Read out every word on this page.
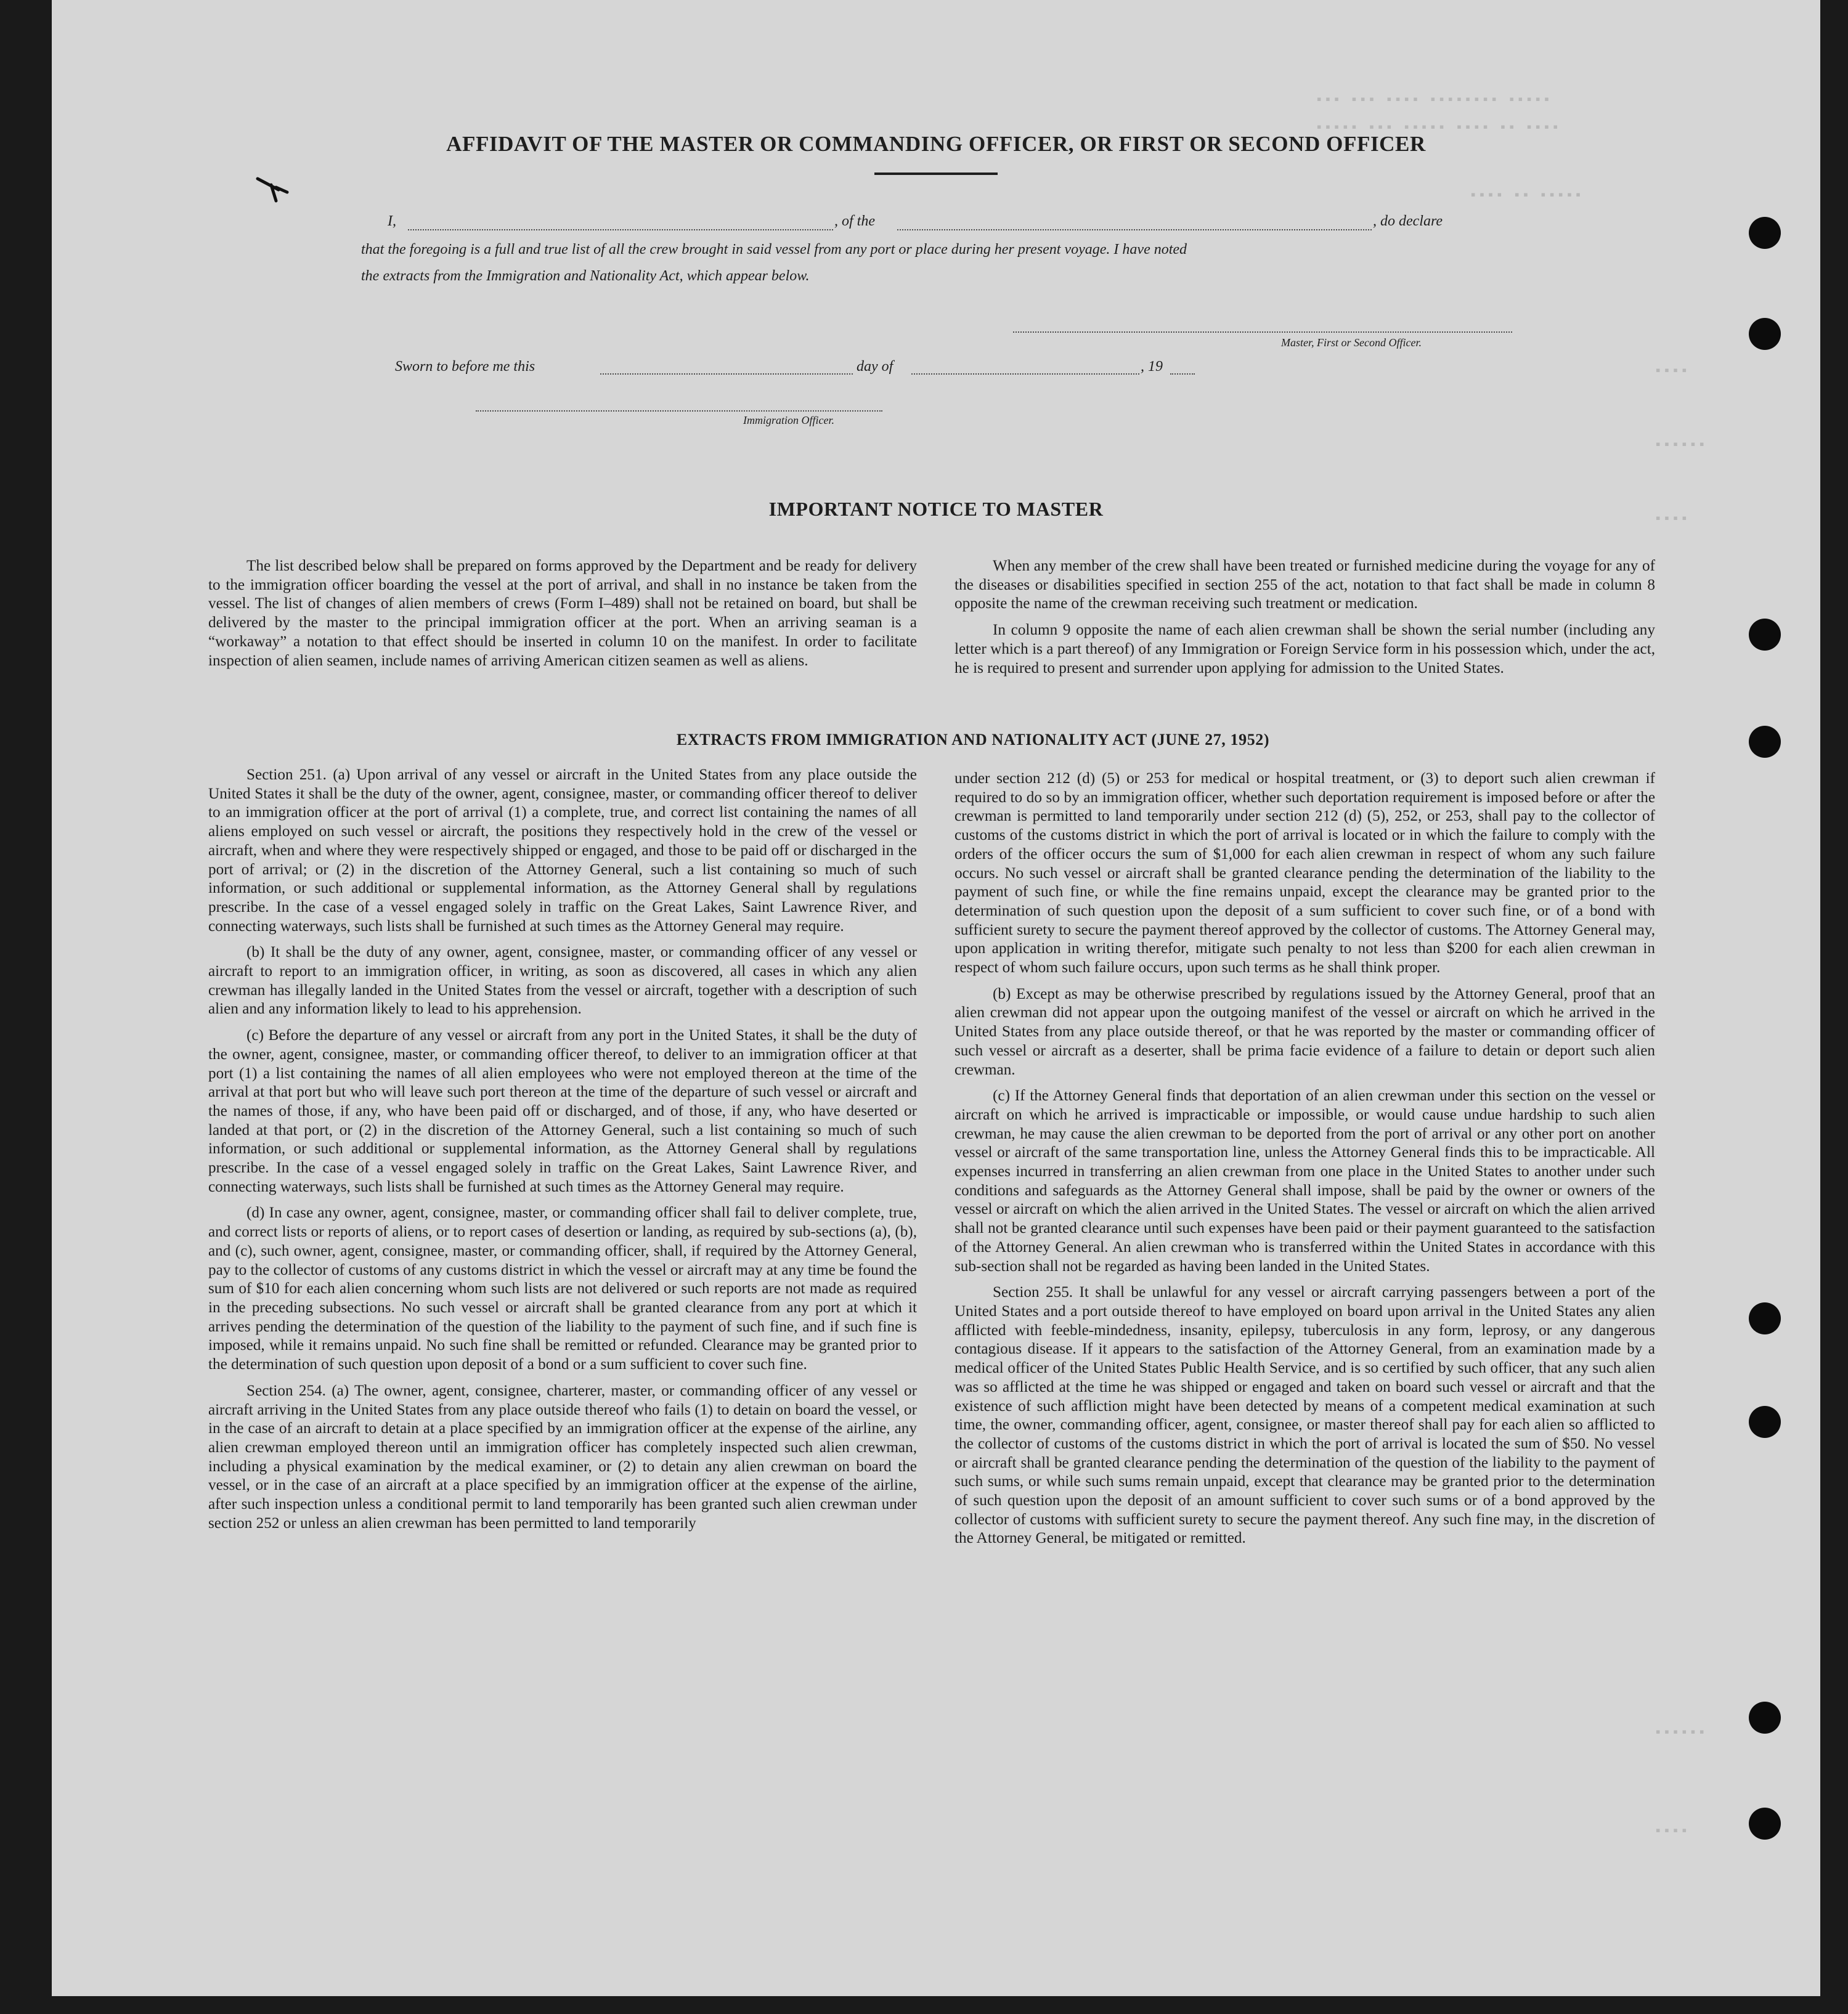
▪▪▪ ▪▪▪ ▪▪▪▪ ▪▪▪▪▪▪▪▪ ▪▪▪▪▪
▪▪▪▪▪ ▪▪▪ ▪▪▪▪▪ ▪▪▪▪ ▪▪ ▪▪▪▪
▪▪▪▪ ▪▪ ▪▪▪▪▪
▪▪▪▪
▪▪▪▪▪▪
▪▪▪▪
▪▪▪▪▪▪
▪▪▪▪
AFFIDAVIT OF THE MASTER OR COMMANDING OFFICER, OR FIRST OR SECOND OFFICER
I,	, of the	, do declare
that the foregoing is a full and true list of all the crew brought in said vessel from any port or place during her present voyage. I have noted
the extracts from the Immigration and Nationality Act, which appear below.
Master, First or Second Officer.
Sworn to before me this	day of	, 19
Immigration Officer.
IMPORTANT NOTICE TO MASTER

The list described below shall be prepared on forms approved by the Department and be ready for delivery to the immigration officer boarding the vessel at the port of arrival, and shall in no instance be taken from the vessel. The list of changes of alien members of crews (Form I–489) shall not be retained on board, but shall be delivered by the master to the principal immigration officer at the port. When an arriving seaman is a “workaway” a notation to that effect should be inserted in column 10 on the manifest. In order to facilitate inspection of alien seamen, include names of arriving American citizen seamen as well as aliens.

When any member of the crew shall have been treated or furnished medicine during the voyage for any of the diseases or disabilities specified in section 255 of the act, notation to that fact shall be made in column 8 opposite the name of the crewman receiving such treatment or medication.

In column 9 opposite the name of each alien crewman shall be shown the serial number (including any letter which is a part thereof) of any Immigration or Foreign Service form in his possession which, under the act, he is required to present and surrender upon applying for admission to the United States.

EXTRACTS FROM IMMIGRATION AND NATIONALITY ACT (JUNE 27, 1952)

Section 251. (a) Upon arrival of any vessel or aircraft in the United States from any place outside the United States it shall be the duty of the owner, agent, consignee, master, or commanding officer thereof to deliver to an immigration officer at the port of arrival (1) a complete, true, and correct list containing the names of all aliens employed on such vessel or aircraft, the positions they respectively hold in the crew of the vessel or aircraft, when and where they were respectively shipped or engaged, and those to be paid off or discharged in the port of arrival; or (2) in the discretion of the Attorney General, such a list containing so much of such information, or such additional or supplemental information, as the Attorney General shall by regulations prescribe. In the case of a vessel engaged solely in traffic on the Great Lakes, Saint Lawrence River, and connecting waterways, such lists shall be furnished at such times as the Attorney General may require.

(b) It shall be the duty of any owner, agent, consignee, master, or commanding officer of any vessel or aircraft to report to an immigration officer, in writing, as soon as discovered, all cases in which any alien crewman has illegally landed in the United States from the vessel or aircraft, together with a description of such alien and any information likely to lead to his apprehension.

(c) Before the departure of any vessel or aircraft from any port in the United States, it shall be the duty of the owner, agent, consignee, master, or commanding officer thereof, to deliver to an immigration officer at that port (1) a list containing the names of all alien employees who were not employed thereon at the time of the arrival at that port but who will leave such port thereon at the time of the departure of such vessel or aircraft and the names of those, if any, who have been paid off or discharged, and of those, if any, who have deserted or landed at that port, or (2) in the discretion of the Attorney General, such a list containing so much of such information, or such additional or supplemental information, as the Attorney General shall by regulations prescribe. In the case of a vessel engaged solely in traffic on the Great Lakes, Saint Lawrence River, and connecting waterways, such lists shall be furnished at such times as the Attorney General may require.

(d) In case any owner, agent, consignee, master, or commanding officer shall fail to deliver complete, true, and correct lists or reports of aliens, or to report cases of desertion or landing, as required by sub-sections (a), (b), and (c), such owner, agent, consignee, master, or commanding officer, shall, if required by the Attorney General, pay to the collector of customs of any customs district in which the vessel or aircraft may at any time be found the sum of $10 for each alien concerning whom such lists are not delivered or such reports are not made as required in the preceding subsections. No such vessel or aircraft shall be granted clearance from any port at which it arrives pending the determination of the question of the liability to the payment of such fine, and if such fine is imposed, while it remains unpaid. No such fine shall be remitted or refunded. Clearance may be granted prior to the determination of such question upon deposit of a bond or a sum sufficient to cover such fine.

Section 254. (a) The owner, agent, consignee, charterer, master, or commanding officer of any vessel or aircraft arriving in the United States from any place outside thereof who fails (1) to detain on board the vessel, or in the case of an aircraft to detain at a place specified by an immigration officer at the expense of the airline, any alien crewman employed thereon until an immigration officer has completely inspected such alien crewman, including a physical examination by the medical examiner, or (2) to detain any alien crewman on board the vessel, or in the case of an aircraft at a place specified by an immigration officer at the expense of the airline, after such inspection unless a conditional permit to land temporarily has been granted such alien crewman under section 252 or unless an alien crewman has been permitted to land temporarily

under section 212 (d) (5) or 253 for medical or hospital treatment, or (3) to deport such alien crewman if required to do so by an immigration officer, whether such deportation requirement is imposed before or after the crewman is permitted to land temporarily under section 212 (d) (5), 252, or 253, shall pay to the collector of customs of the customs district in which the port of arrival is located or in which the failure to comply with the orders of the officer occurs the sum of $1,000 for each alien crewman in respect of whom any such failure occurs. No such vessel or aircraft shall be granted clearance pending the determination of the liability to the payment of such fine, or while the fine remains unpaid, except the clearance may be granted prior to the determination of such question upon the deposit of a sum sufficient to cover such fine, or of a bond with sufficient surety to secure the payment thereof approved by the collector of customs. The Attorney General may, upon application in writing therefor, mitigate such penalty to not less than $200 for each alien crewman in respect of whom such failure occurs, upon such terms as he shall think proper.

(b) Except as may be otherwise prescribed by regulations issued by the Attorney General, proof that an alien crewman did not appear upon the outgoing manifest of the vessel or aircraft on which he arrived in the United States from any place outside thereof, or that he was reported by the master or commanding officer of such vessel or aircraft as a deserter, shall be prima facie evidence of a failure to detain or deport such alien crewman.

(c) If the Attorney General finds that deportation of an alien crewman under this section on the vessel or aircraft on which he arrived is impracticable or impossible, or would cause undue hardship to such alien crewman, he may cause the alien crewman to be deported from the port of arrival or any other port on another vessel or aircraft of the same transportation line, unless the Attorney General finds this to be impracticable. All expenses incurred in transferring an alien crewman from one place in the United States to another under such conditions and safeguards as the Attorney General shall impose, shall be paid by the owner or owners of the vessel or aircraft on which the alien arrived in the United States. The vessel or aircraft on which the alien arrived shall not be granted clearance until such expenses have been paid or their payment guaranteed to the satisfaction of the Attorney General. An alien crewman who is transferred within the United States in accordance with this sub-section shall not be regarded as having been landed in the United States.

Section 255. It shall be unlawful for any vessel or aircraft carrying passengers between a port of the United States and a port outside thereof to have employed on board upon arrival in the United States any alien afflicted with feeble-mindedness, insanity, epilepsy, tuberculosis in any form, leprosy, or any dangerous contagious disease. If it appears to the satisfaction of the Attorney General, from an examination made by a medical officer of the United States Public Health Service, and is so certified by such officer, that any such alien was so afflicted at the time he was shipped or engaged and taken on board such vessel or aircraft and that the existence of such affliction might have been detected by means of a competent medical examination at such time, the owner, commanding officer, agent, consignee, or master thereof shall pay for each alien so afflicted to the collector of customs of the customs district in which the port of arrival is located the sum of $50. No vessel or aircraft shall be granted clearance pending the determination of the question of the liability to the payment of such sums, or while such sums remain unpaid, except that clearance may be granted prior to the determination of such question upon the deposit of an amount sufficient to cover such sums or of a bond approved by the collector of customs with sufficient surety to secure the payment thereof. Any such fine may, in the discretion of the Attorney General, be mitigated or remitted.
